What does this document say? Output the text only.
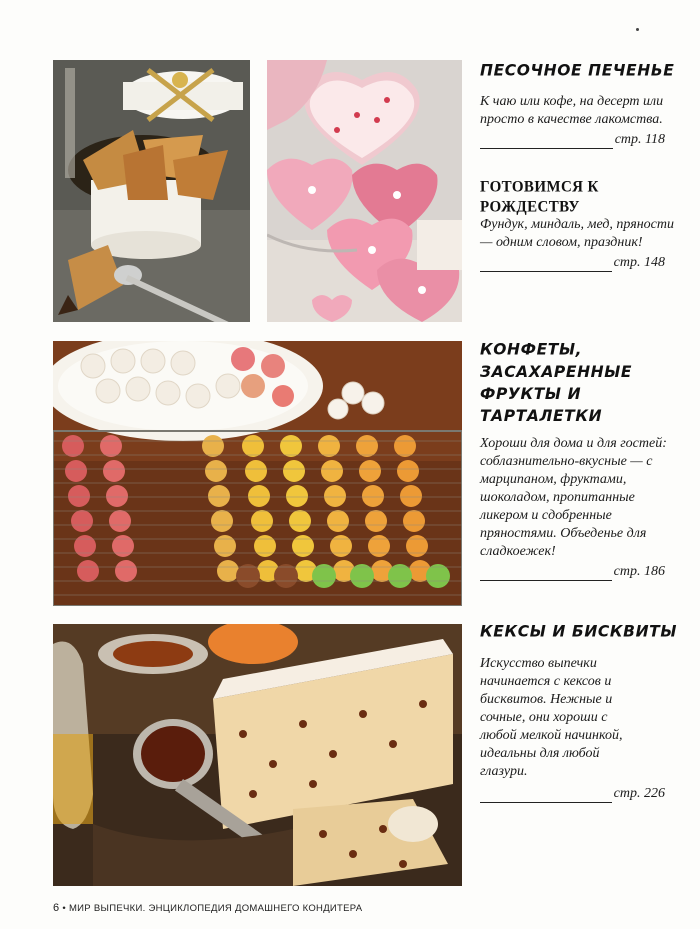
ПЕСОЧНОЕ ПЕЧЕНЬЕ

К чаю или кофе, на десерт или просто в качестве лакомства.

стр. 118
ГОТОВИМСЯ К РОЖДЕСТВУ

Фундук, миндаль, мед, пряности — одним словом, праздник!

стр. 148
КОНФЕТЫ,
ЗАСАХАРЕННЫЕ
ФРУКТЫ И
ТАРТАЛЕТКИ

Хороши для дома и для гостей: соблазнительно-вкусные — с марципаном, фруктами, шоколадом, пропитанные ликером и сдобренные пряностями. Объеденье для сладкоежек!

стр. 186
КЕКСЫ И БИСКВИТЫ

Искусство выпечки начинается с кексов и бисквитов. Нежные и сочные, они хороши с любой мелкой начинкой, идеальны для любой глазури.

стр. 226
6 • МИР ВЫПЕЧКИ. ЭНЦИКЛОПЕДИЯ ДОМАШНЕГО КОНДИТЕРА
